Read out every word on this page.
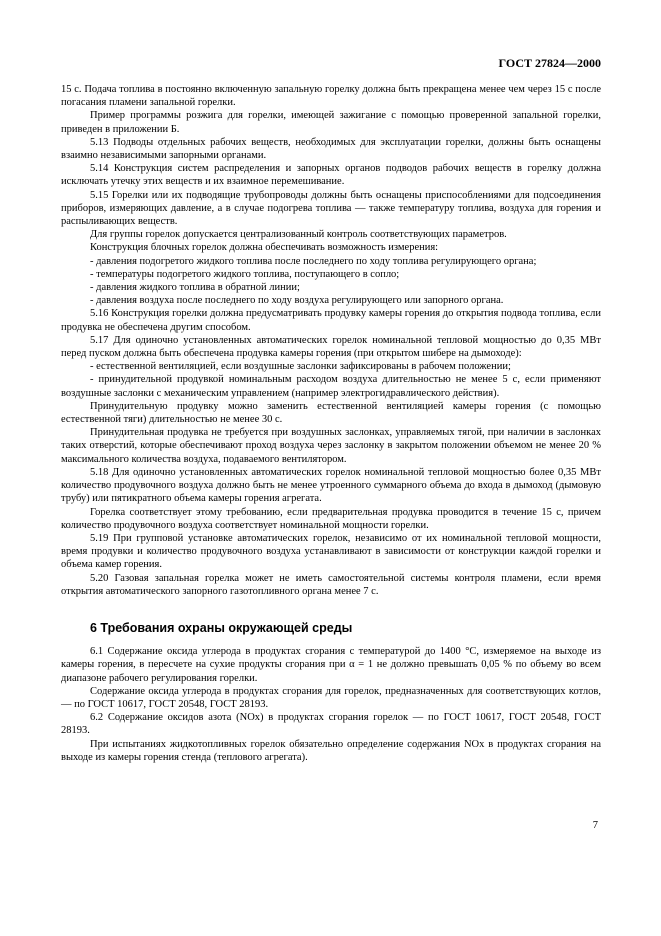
ГОСТ 27824—2000

15 с. Подача топлива в постоянно включенную запальную горелку должна быть прекращена менее чем через 15 с после погасания пламени запальной горелки.

Пример программы розжига для горелки, имеющей зажигание с помощью проверенной запальной горелки, приведен в приложении Б.

5.13 Подводы отдельных рабочих веществ, необходимых для эксплуатации горелки, должны быть оснащены взаимно независимыми запорными органами.

5.14 Конструкция систем распределения и запорных органов подводов рабочих веществ в горелку должна исключать утечку этих веществ и их взаимное перемешивание.

5.15 Горелки или их подводящие трубопроводы должны быть оснащены приспособлениями для подсоединения приборов, измеряющих давление, а в случае подогрева топлива — также температуру топлива, воздуха для горения и распыливающих веществ.

Для группы горелок допускается централизованный контроль соответствующих параметров.

Конструкция блочных горелок должна обеспечивать возможность измерения:

- давления подогретого жидкого топлива после последнего по ходу топлива регулирующего органа;

- температуры подогретого жидкого топлива, поступающего в сопло;

- давления жидкого топлива в обратной линии;

- давления воздуха после последнего по ходу воздуха регулирующего или запорного органа.

5.16 Конструкция горелки должна предусматривать продувку камеры горения до открытия подвода топлива, если продувка не обеспечена другим способом.

5.17 Для одиночно установленных автоматических горелок номинальной тепловой мощностью до 0,35 МВт перед пуском должна быть обеспечена продувка камеры горения (при открытом шибере на дымоходе):

- естественной вентиляцией, если воздушные заслонки зафиксированы в рабочем положении;

- принудительной продувкой номинальным расходом воздуха длительностью не менее 5 с, если применяют воздушные заслонки с механическим управлением (например электрогидравлического действия).

Принудительную продувку можно заменить естественной вентиляцией камеры горения (с помощью естественной тяги) длительностью не менее 30 с.

Принудительная продувка не требуется при воздушных заслонках, управляемых тягой, при наличии в заслонках таких отверстий, которые обеспечивают проход воздуха через заслонку в закрытом положении объемом не менее 20 % максимального количества воздуха, подаваемого вентилятором.

5.18 Для одиночно установленных автоматических горелок номинальной тепловой мощностью более 0,35 МВт количество продувочного воздуха должно быть не менее утроенного суммарного объема до входа в дымоход (дымовую трубу) или пятикратного объема камеры горения агрегата.

Горелка соответствует этому требованию, если предварительная продувка проводится в течение 15 с, причем количество продувочного воздуха соответствует номинальной мощности горелки.

5.19 При групповой установке автоматических горелок, независимо от их номинальной тепловой мощности, время продувки и количество продувочного воздуха устанавливают в зависимости от конструкции каждой горелки и объема камер горения.

5.20 Газовая запальная горелка может не иметь самостоятельной системы контроля пламени, если время открытия автоматического запорного газотопливного органа менее 7 с.

6 Требования охраны окружающей среды

6.1 Содержание оксида углерода в продуктах сгорания с температурой до 1400 °С, измеряемое на выходе из камеры горения, в пересчете на сухие продукты сгорания при α = 1 не должно превышать 0,05 % по объему во всем диапазоне рабочего регулирования горелки.

Содержание оксида углерода в продуктах сгорания для горелок, предназначенных для соответствующих котлов, — по ГОСТ 10617, ГОСТ 20548, ГОСТ 28193.

6.2 Содержание оксидов азота (NOх) в продуктах сгорания горелок — по ГОСТ 10617, ГОСТ 20548, ГОСТ 28193.

При испытаниях жидкотопливных горелок обязательно определение содержания NOх в продуктах сгорания на выходе из камеры горения стенда (теплового агрегата).

7
